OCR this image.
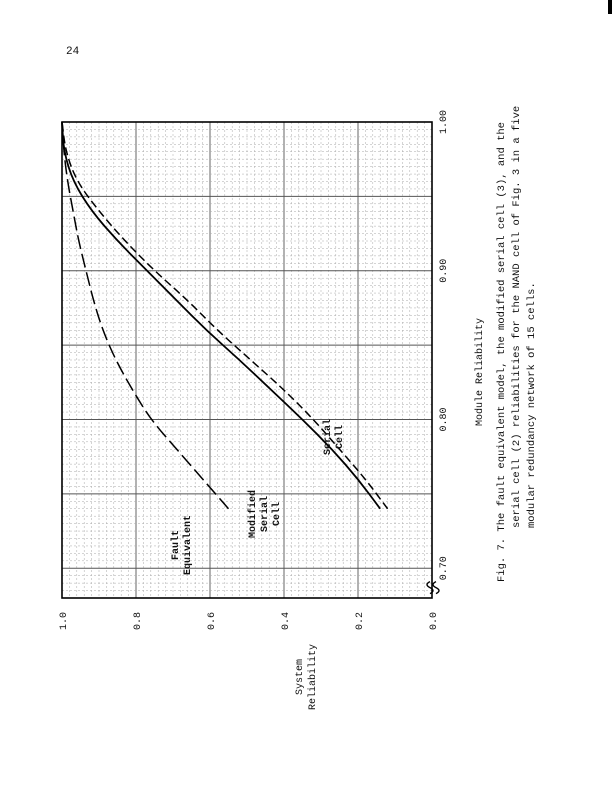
24
0.0
0.2
0.4
0.6
0.8
1.0
0.70
0.80
0.90
1.00
Module Reliability
System Reliability
Fig. 7. The fault equivalent model, the modified serial cell (3), and the serial cell (2) reliabilities for the NAND cell of Fig. 3 in a five modular redundancy network of 15 cells.
Fault Equivalent
Modified Serial Cell
Serial Cell
